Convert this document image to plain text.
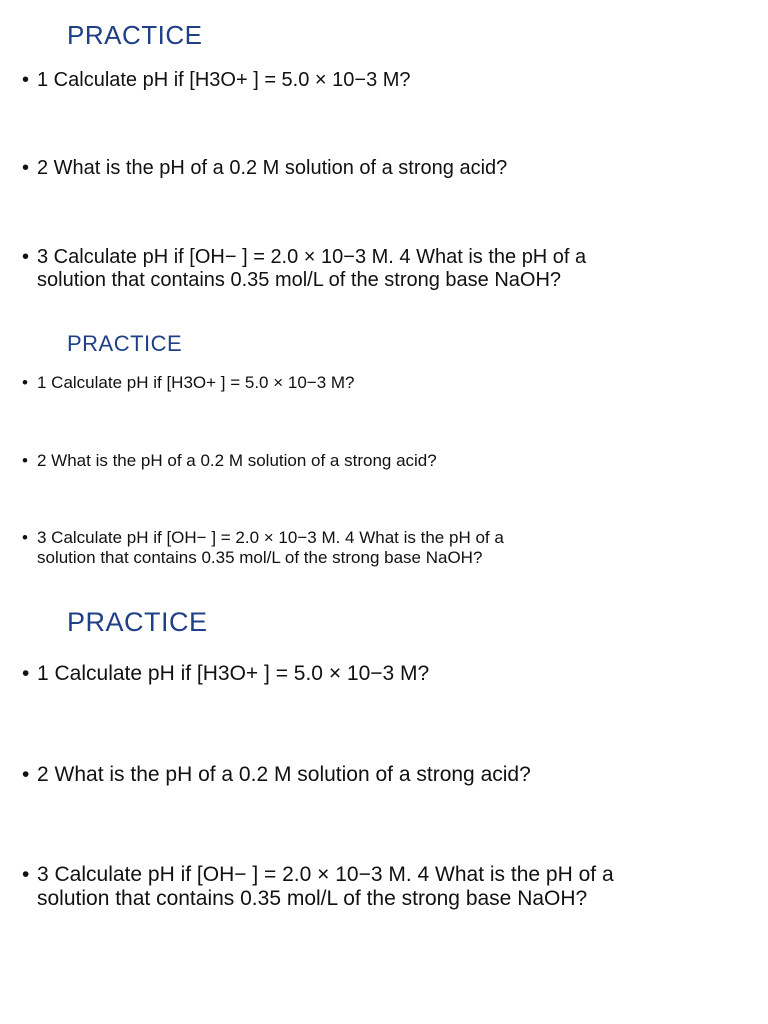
PRACTICE
• 1 Calculate pH if [H3O+ ] = 5.0 × 10−3 M?
• 2 What is the pH of a 0.2 M solution of a strong acid?
• 3 Calculate pH if [OH− ] = 2.0 × 10−3 M. 4 What is the pH of a
solution that contains 0.35 mol/L of the strong base NaOH?
PRACTICE
• 1 Calculate pH if [H3O+ ] = 5.0 × 10−3 M?
• 2 What is the pH of a 0.2 M solution of a strong acid?
• 3 Calculate pH if [OH− ] = 2.0 × 10−3 M. 4 What is the pH of a
solution that contains 0.35 mol/L of the strong base NaOH?
PRACTICE
• 1 Calculate pH if [H3O+ ] = 5.0 × 10−3 M?
• 2 What is the pH of a 0.2 M solution of a strong acid?
• 3 Calculate pH if [OH− ] = 2.0 × 10−3 M. 4 What is the pH of a
solution that contains 0.35 mol/L of the strong base NaOH?
